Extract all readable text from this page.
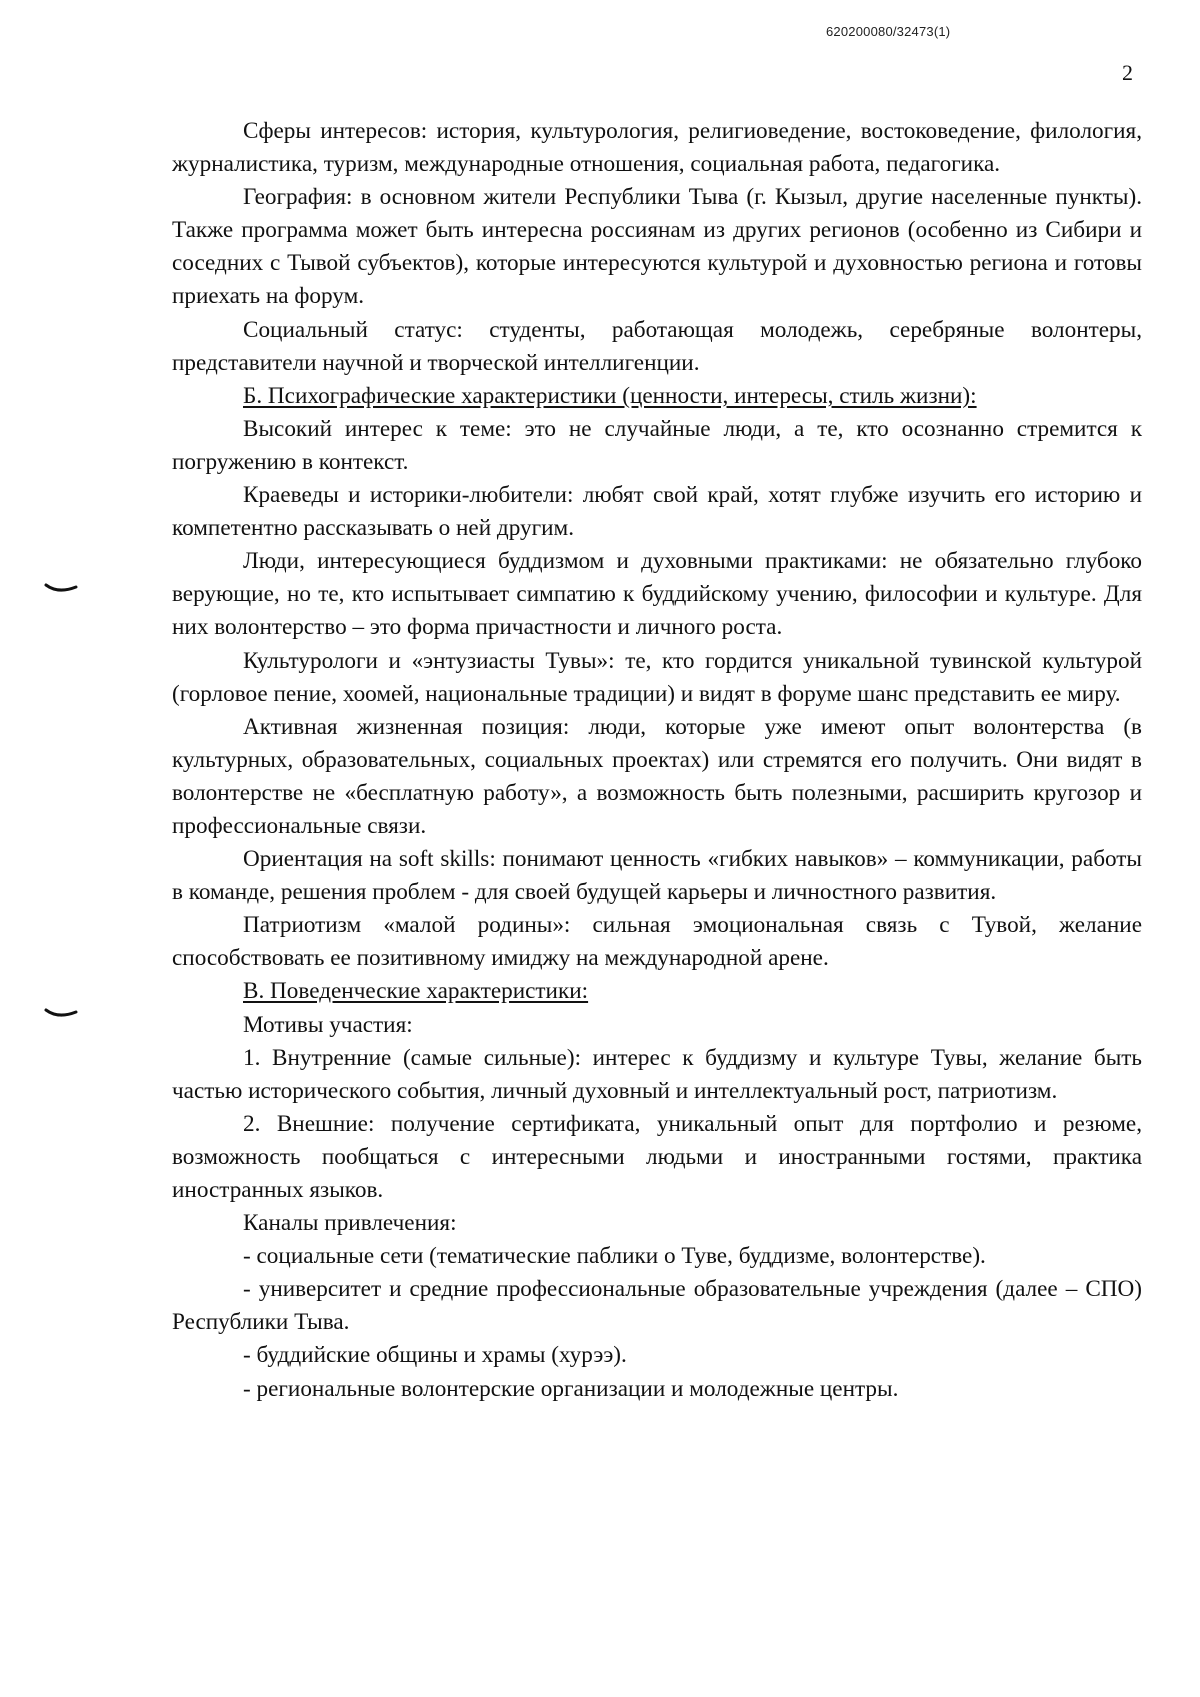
620200080/32473(1)
2

Сферы интересов: история, культурология, религиоведение, востоковедение, филология, журналистика, туризм, международные отношения, социальная работа, педагогика.

География: в основном жители Республики Тыва (г. Кызыл, другие населенные пункты). Также программа может быть интересна россиянам из других регионов (особенно из Сибири и соседних с Тывой субъектов), которые интересуются культурой и духовностью региона и готовы приехать на форум.

Социальный статус: студенты, работающая молодежь, серебряные волонтеры, представители научной и творческой интеллигенции.

Б. Психографические характеристики (ценности, интересы, стиль жизни):

Высокий интерес к теме: это не случайные люди, а те, кто осознанно стремится к погружению в контекст.

Краеведы и историки-любители: любят свой край, хотят глубже изучить его историю и компетентно рассказывать о ней другим.

Люди, интересующиеся буддизмом и духовными практиками: не обязательно глубоко верующие, но те, кто испытывает симпатию к буддийскому учению, философии и культуре. Для них волонтерство – это форма причастности и личного роста.

Культурологи и «энтузиасты Тувы»: те, кто гордится уникальной тувинской культурой (горловое пение, хоомей, национальные традиции) и видят в форуме шанс представить ее миру.

Активная жизненная позиция: люди, которые уже имеют опыт волонтерства (в культурных, образовательных, социальных проектах) или стремятся его получить. Они видят в волонтерстве не «бесплатную работу», а возможность быть полезными, расширить кругозор и профессиональные связи.

Ориентация на soft skills: понимают ценность «гибких навыков» – коммуникации, работы в команде, решения проблем - для своей будущей карьеры и личностного развития.

Патриотизм «малой родины»: сильная эмоциональная связь с Тувой, желание способствовать ее позитивному имиджу на международной арене.

В. Поведенческие характеристики:

Мотивы участия:

1. Внутренние (самые сильные): интерес к буддизму и культуре Тувы, желание быть частью исторического события, личный духовный и интеллектуальный рост, патриотизм.

2. Внешние: получение сертификата, уникальный опыт для портфолио и резюме, возможность пообщаться с интересными людьми и иностранными гостями, практика иностранных языков.

Каналы привлечения:

- социальные сети (тематические паблики о Туве, буддизме, волонтерстве).

- университет и средние профессиональные образовательные учреждения (далее – СПО) Республики Тыва.

- буддийские общины и храмы (хурээ).

- региональные волонтерские организации и молодежные центры.
